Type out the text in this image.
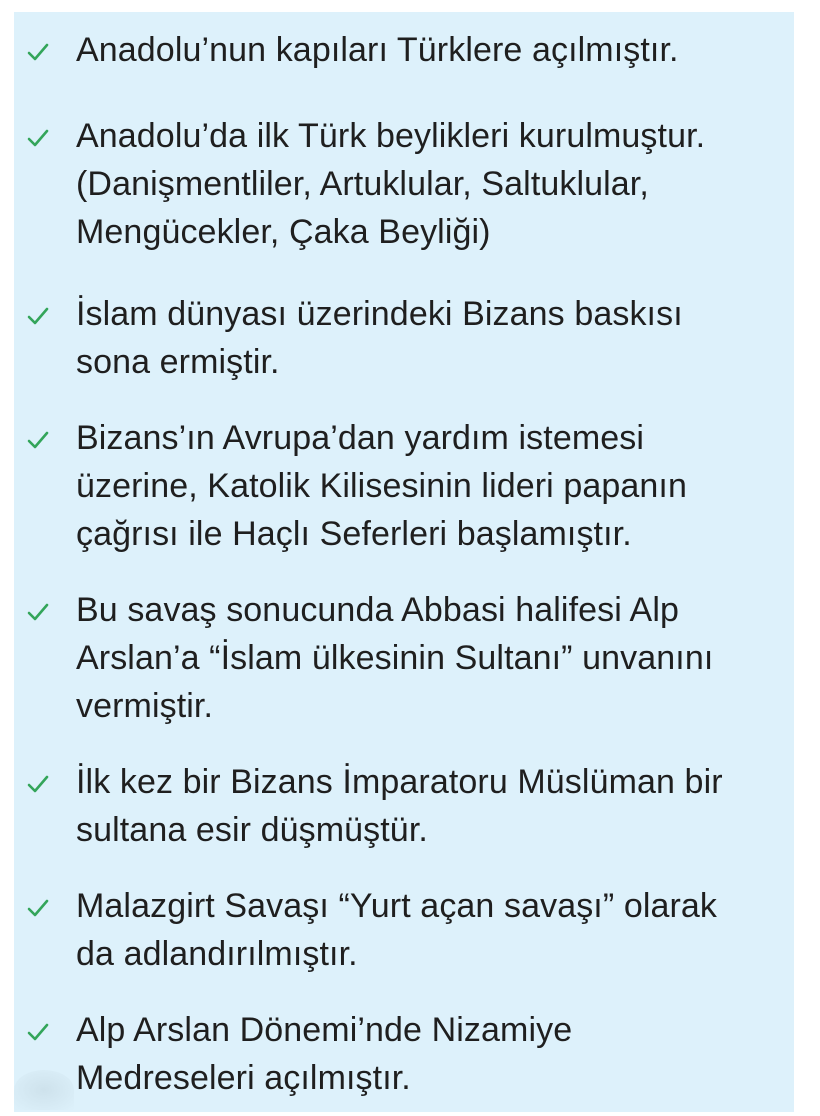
Anadolu’nun kapıları Türklere açılmıştır.
Anadolu’da ilk Türk beylikleri kurulmuştur.
(Danişmentliler, Artuklular, Saltuklular,
Mengücekler, Çaka Beyliği)
İslam dünyası üzerindeki Bizans baskısı
sona ermiştir.
Bizans’ın Avrupa’dan yardım istemesi
üzerine, Katolik Kilisesinin lideri papanın
çağrısı ile Haçlı Seferleri başlamıştır.
Bu savaş sonucunda Abbasi halifesi Alp
Arslan’a “İslam ülkesinin Sultanı” unvanını
vermiştir.
İlk kez bir Bizans İmparatoru Müslüman bir
sultana esir düşmüştür.
Malazgirt Savaşı “Yurt açan savaşı” olarak
da adlandırılmıştır.
Alp Arslan Dönemi’nde Nizamiye
Medreseleri açılmıştır.
